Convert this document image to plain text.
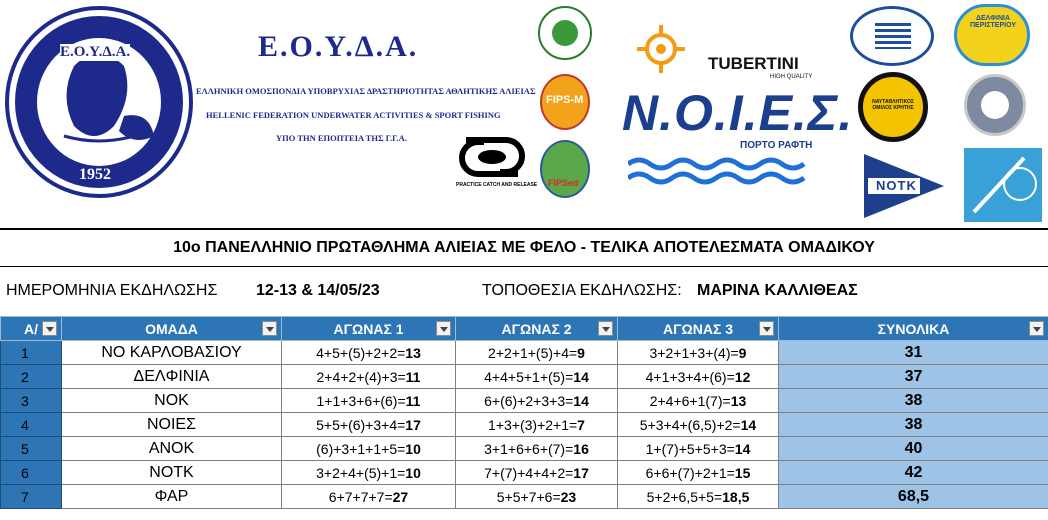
Ε.Ο.Υ.Δ.Α.
1952
Ε.Ο.Υ.Δ.Α.
ΕΛΛΗΝΙΚΗ ΟΜΟΣΠΟΝΔΙΑ ΥΠΟΒΡΥΧΙΑΣ ΔΡΑΣΤΗΡΙΟΤΗΤΑΣ ΑΘΛΗΤΙΚΗΣ ΑΛΙΕΙΑΣ
HELLENIC FEDERATION UNDERWATER ACTIVITIES & SPORT FISHING
ΥΠΟ ΤΗΝ ΕΠΟΠΤΕΙΑ ΤΗΣ Γ.Γ.Α.
PRACTICE CATCH AND RELEASE
FIPS-M
FIPSed
TUBERTINI
HIGH QUALITY
Ν.Ο.Ι.Ε.Σ.
ΠΟΡΤΟ ΡΑΦΤΗ
ΝΑΥΤΑΘΛΗΤΙΚΟΣ ΟΜΙΛΟΣ ΚΡΗΤΗΣ
NOTK
ΔΕΛΦΙΝΙΑ ΠΕΡΙΣΤΕΡΙΟΥ
10ο ΠΑΝΕΛΛΗΝΙΟ ΠΡΩΤΑΘΛΗΜΑ ΑΛΙΕΙΑΣ ΜΕ ΦΕΛΟ - ΤΕΛΙΚΑ ΑΠΟΤΕΛΕΣΜΑΤΑ ΟΜΑΔΙΚΟΥ
ΗΜΕΡΟΜΗΝΙΑ ΕΚΔΗΛΩΣΗΣ 12-13 & 14/05/23	ΤΟΠΟΘΕΣΙΑ ΕΚΔΗΛΩΣΗΣ: ΜΑΡΙΝΑ ΚΑΛΛΙΘΕΑΣ
Α/	ΟΜΑΔΑ	ΑΓΩΝΑΣ 1	ΑΓΩΝΑΣ 2	ΑΓΩΝΑΣ 3	ΣΥΝΟΛΙΚΑ

1	ΝΟ ΚΑΡΛΟΒΑΣΙΟΥ	4+5+(5)+2+2=13	2+2+1+(5)+4=9	3+2+1+3+(4)=9	31
2	ΔΕΛΦΙΝΙΑ	2+4+2+(4)+3=11	4+4+5+1+(5)=14	4+1+3+4+(6)=12	37
3	ΝΟΚ	1+1+3+6+(6)=11	6+(6)+2+3+3=14	2+4+6+1(7)=13	38
4	ΝΟΙΕΣ	5+5+(6)+3+4=17	1+3+(3)+2+1=7	5+3+4+(6,5)+2=14	38
5	ΑΝΟΚ	(6)+3+1+1+5=10	3+1+6+6+(7)=16	1+(7)+5+5+3=14	40
6	ΝΟΤΚ	3+2+4+(5)+1=10	7+(7)+4+4+2=17	6+6+(7)+2+1=15	42
7	ΦΑΡ	6+7+7+7=27	5+5+7+6=23	5+2+6,5+5=18,5	68,5
